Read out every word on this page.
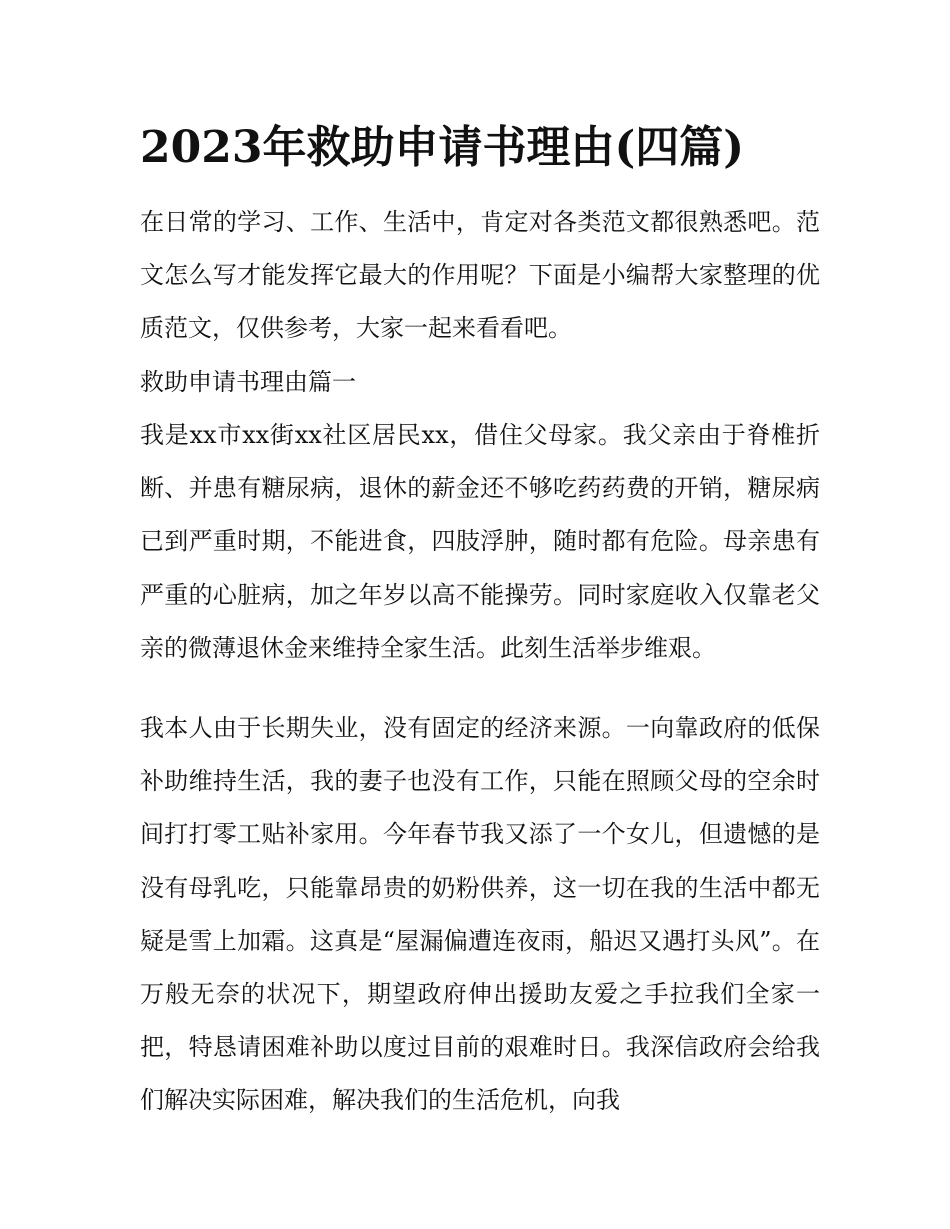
2023年救助申请书理由(四篇)
在日常的学习、工作、生活中，肯定对各类范文都很熟悉吧。范文怎么写才能发挥它最大的作用呢？下面是小编帮大家整理的优质范文，仅供参考，大家一起来看看吧。
救助申请书理由篇一
我是xx市xx街xx社区居民xx，借住父母家。我父亲由于脊椎折断、并患有糖尿病，退休的薪金还不够吃药药费的开销，糖尿病已到严重时期，不能进食，四肢浮肿，随时都有危险。母亲患有严重的心脏病，加之年岁以高不能操劳。同时家庭收入仅靠老父亲的微薄退休金来维持全家生活。此刻生活举步维艰。
我本人由于长期失业，没有固定的经济来源。一向靠政府的低保补助维持生活，我的妻子也没有工作，只能在照顾父母的空余时间打打零工贴补家用。今年春节我又添了一个女儿，但遗憾的是没有母乳吃，只能靠昂贵的奶粉供养，这一切在我的生活中都无疑是雪上加霜。这真是“屋漏偏遭连夜雨，船迟又遇打头风”。在万般无奈的状况下，期望政府伸出援助友爱之手拉我们全家一把，特恳请困难补助以度过目前的艰难时日。我深信政府会给我们解决实际困难，解决我们的生活危机，向我
